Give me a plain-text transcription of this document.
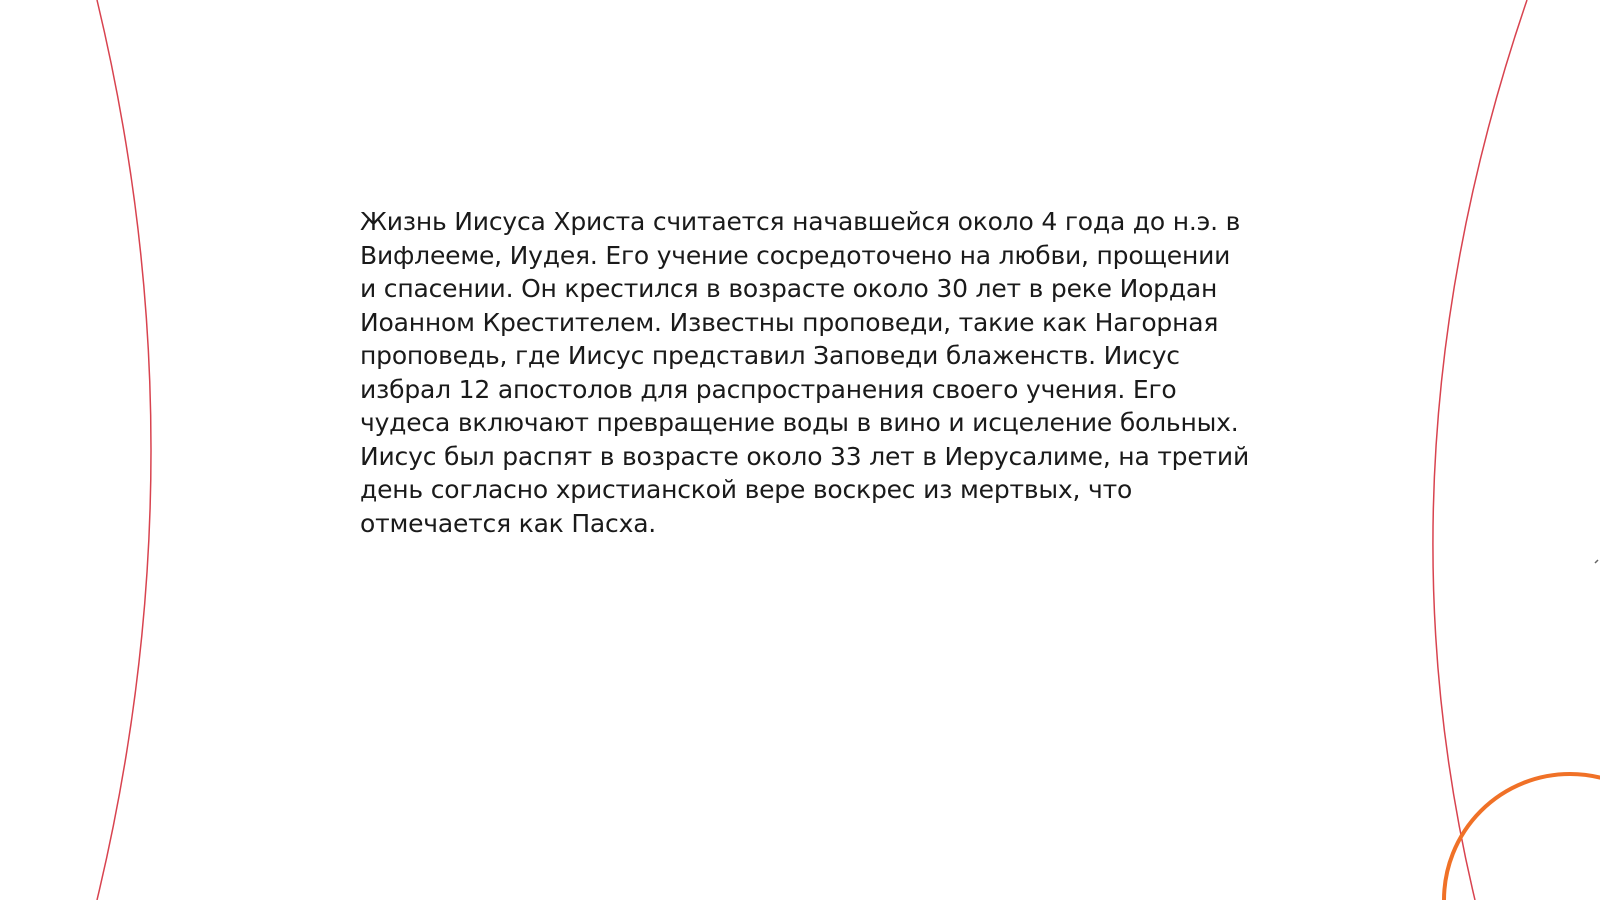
Жизнь Иисуса Христа считается начавшейся около 4 года до н.э. в Вифлееме, Иудея. Его учение сосредоточено на любви, прощении и спасении. Он крестился в возрасте около 30 лет в реке Иордан Иоанном Крестителем. Известны проповеди, такие как Нагорная проповедь, где Иисус представил Заповеди блаженств. Иисус избрал 12 апостолов для распространения своего учения. Его чудеса включают превращение воды в вино и исцеление больных. Иисус был распят в возрасте около 33 лет в Иерусалиме, на третий день согласно христианской вере воскрес из мертвых, что отмечается как Пасха.
